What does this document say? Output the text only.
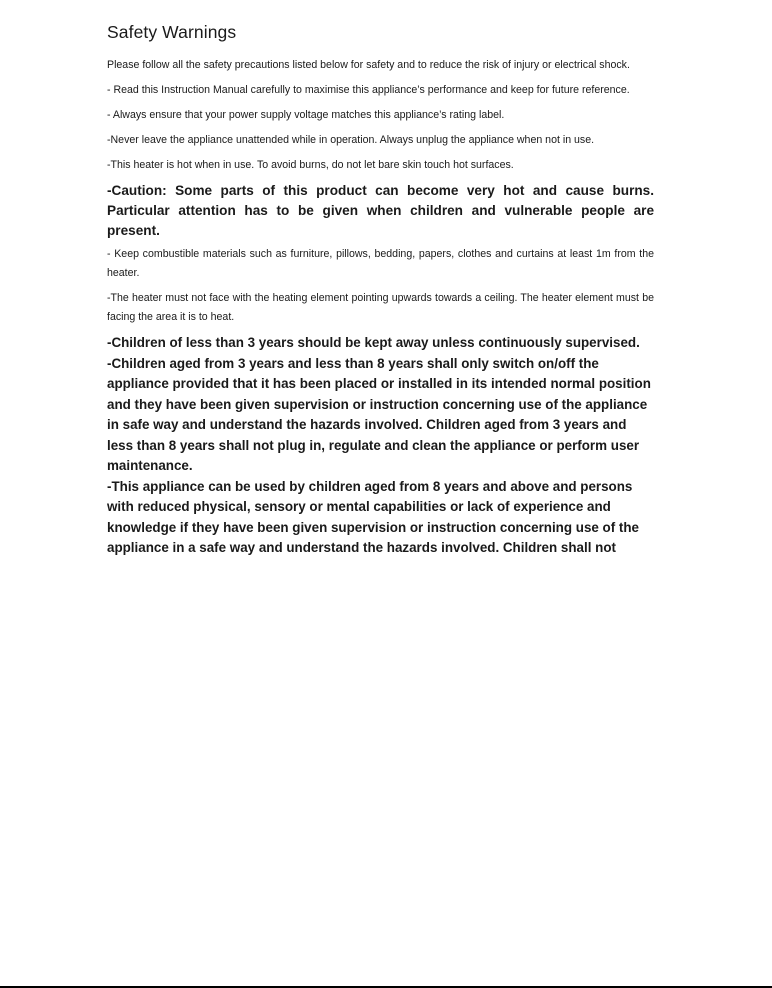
Safety Warnings

Please follow all the safety precautions listed below for safety and to reduce the risk of injury or electrical shock.

- Read this Instruction Manual carefully to maximise this appliance’s performance and keep for future reference.

- Always ensure that your power supply voltage matches this appliance’s rating label.

-Never leave the appliance unattended while in operation. Always unplug the appliance when not in use.

-This heater is hot when in use. To avoid burns, do not let bare skin touch hot surfaces.

-Caution: Some parts of this product can become very hot and cause burns. Particular attention has to be given when children and vulnerable people are present.

- Keep combustible materials such as furniture, pillows, bedding, papers, clothes and curtains at least 1m from the heater.

-The heater must not face with the heating element pointing upwards towards a ceiling. The heater element must be facing the area it is to heat.

-Children of less than 3 years should be kept away unless continuously supervised.

-Children aged from 3 years and less than 8 years shall only switch on/off the appliance provided that it has been placed or installed in its intended normal position and they have been given supervision or instruction concerning use of the appliance in safe way and understand the hazards involved. Children aged from 3 years and less than 8 years shall not plug in, regulate and clean the appliance or perform user maintenance.

-This appliance can be used by children aged from 8 years and above and persons with reduced physical, sensory or mental capabilities or lack of experience and knowledge if they have been given supervision or instruction concerning use of the appliance in a safe way and understand the hazards involved. Children shall not
